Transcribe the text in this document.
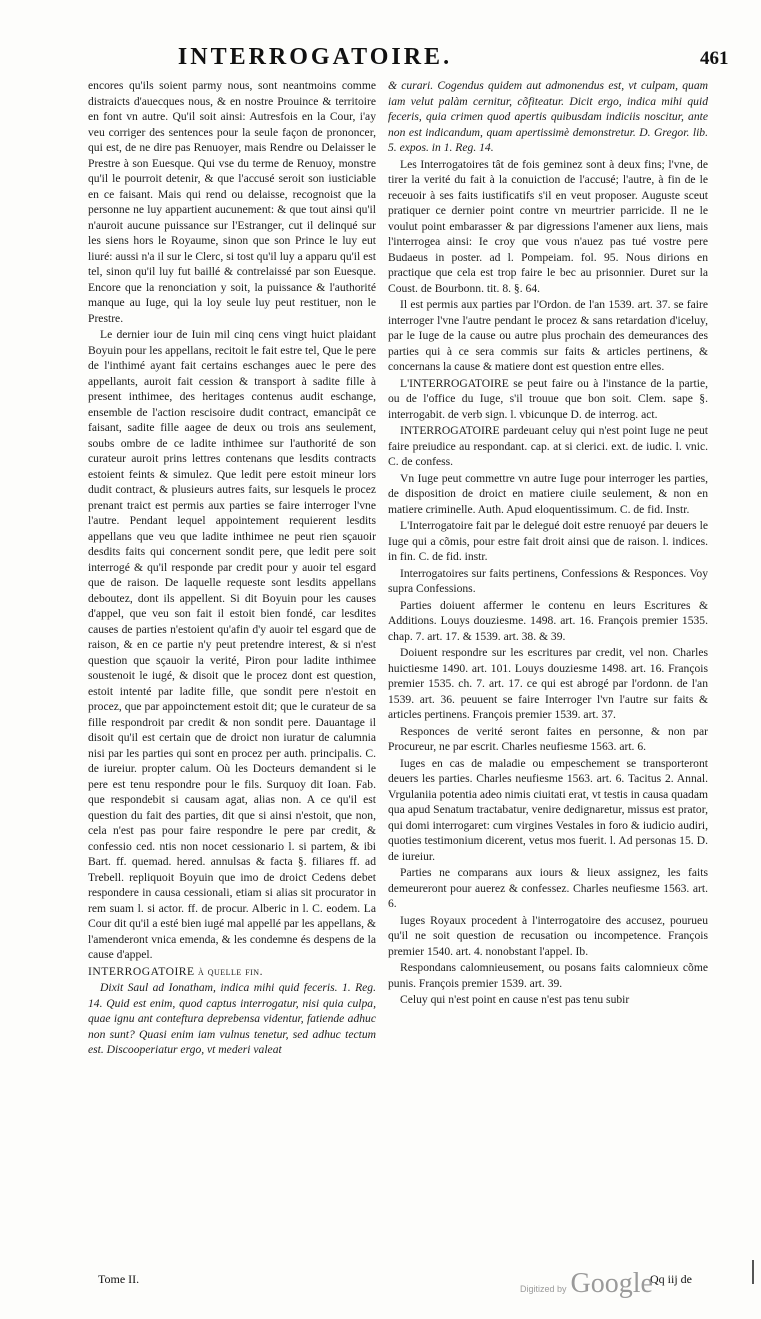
INTERROGATOIRE.	461

encores qu'ils soient parmy nous, sont neantmoins comme distraicts d'auecques nous, & en nostre Prouince & territoire en font vn autre. Qu'il soit ainsi: Autresfois en la Cour, i'ay veu corriger des sentences pour la seule façon de prononcer, qui est, de ne dire pas Renuoyer, mais Rendre ou Delaisser le Prestre à son Euesque. Qui vse du terme de Renuoy, monstre qu'il le pourroit detenir, & que l'accusé seroit son iusticiable en ce faisant. Mais qui rend ou delaisse, recognoist que la personne ne luy appartient aucunement: & que tout ainsi qu'il n'auroit aucune puissance sur l'Estranger, cut il delinqué sur les siens hors le Royaume, sinon que son Prince le luy eut liuré: aussi n'a il sur le Clerc, si tost qu'il luy a apparu qu'il est tel, sinon qu'il luy fut baillé & contrelaissé par son Euesque. Encore que la renonciation y soit, la puissance & l'authorité manque au Iuge, qui la loy seule luy peut restituer, non le Prestre.

Le dernier iour de Iuin mil cinq cens vingt huict plaidant Boyuin pour les appellans, recitoit le fait estre tel, Que le pere de l'inthimé ayant fait certains eschanges auec le pere des appellants, auroit fait cession & transport à sadite fille à present inthimee, des heritages contenus audit eschange, ensemble de l'action rescisoire dudit contract, emancipât ce faisant, sadite fille aagee de deux ou trois ans seulement, soubs ombre de ce ladite inthimee sur l'authorité de son curateur auroit prins lettres contenans que lesdits contracts estoient feints & simulez. Que ledit pere estoit mineur lors dudit contract, & plusieurs autres faits, sur lesquels le procez prenant traict est permis aux parties se faire interroger l'vne l'autre. Pendant lequel appointement requierent lesdits appellans que veu que ladite inthimee ne peut rien sçauoir desdits faits qui concernent sondit pere, que ledit pere soit interrogé & qu'il responde par credit pour y auoir tel esgard que de raison. De laquelle requeste sont lesdits appellans deboutez, dont ils appellent. Si dit Boyuin pour les causes d'appel, que veu son fait il estoit bien fondé, car lesdites causes de parties n'estoient qu'afin d'y auoir tel esgard que de raison, & en ce partie n'y peut pretendre interest, & si n'est question que sçauoir la verité, Piron pour ladite inthimee soustenoit le iugé, & disoit que le procez dont est question, estoit intenté par ladite fille, que sondit pere n'estoit en procez, que par appoinctement estoit dit; que le curateur de sa fille respondroit par credit & non sondit pere. Dauantage il disoit qu'il est certain que de droict non iuratur de calumnia nisi par les parties qui sont en procez per auth. principalis. C. de iureiur. propter calum. Où les Docteurs demandent si le pere est tenu respondre pour le fils. Surquoy dit Ioan. Fab. que respondebit si causam agat, alias non. A ce qu'il est question du fait des parties, dit que si ainsi n'estoit, que non, cela n'est pas pour faire respondre le pere par credit, & confessio ced. ntis non nocet cessionario l. si partem, & ibi Bart. ff. quemad. hered. annulsas & facta §. filiares ff. ad Trebell. repliquoit Boyuin que imo de droict Cedens debet respondere in causa cessionali, etiam si alias sit procurator in rem suam l. si actor. ff. de procur. Alberic in l. C. eodem. La Cour dit qu'il a esté bien iugé mal appellé par les appellans, & l'amenderont vnica emenda, & les condemne és despens de la cause d'appel.

INTERROGATOIRE à quelle fin.

Dixit Saul ad Ionatham, indica mihi quid feceris. 1. Reg. 14. Quid est enim, quod captus interrogatur, nisi quia culpa, quae ignu ant conteftura deprebensa videntur, fatiende adhuc non sunt? Quasi enim iam vulnus tenetur, sed adhuc tectum est. Discooperiatur ergo, vt mederi valeat

& curari. Cogendus quidem aut admonendus est, vt culpam, quam iam velut palàm cernitur, cõfiteatur. Dicit ergo, indica mihi quid feceris, quia crimen quod apertis quibusdam indiciis noscitur, ante non est indicandum, quam apertissimè demonstretur. D. Gregor. lib. 5. expos. in 1. Reg. 14.

Les Interrogatoires tât de fois geminez sont à deux fins; l'vne, de tirer la verité du fait à la conuiction de l'accusé; l'autre, à fin de le receuoir à ses faits iustificatifs s'il en veut proposer. Auguste sceut pratiquer ce dernier point contre vn meurtrier parricide. Il ne le voulut point embarasser & par digressions l'amener aux liens, mais l'interrogea ainsi: Ie croy que vous n'auez pas tué vostre pere Budaeus in poster. ad l. Pompeiam. fol. 95. Nous dirions en practique que cela est trop faire le bec au prisonnier. Duret sur la Coust. de Bourbonn. tit. 8. §. 64.

Il est permis aux parties par l'Ordon. de l'an 1539. art. 37. se faire interroger l'vne l'autre pendant le procez & sans retardation d'iceluy, par le Iuge de la cause ou autre plus prochain des demeurances des parties qui à ce sera commis sur faits & articles pertinens, & concernans la cause & matiere dont est question entre elles.

L'INTERROGATOIRE se peut faire ou à l'instance de la partie, ou de l'office du Iuge, s'il trouue que bon soit. Clem. sape §. interrogabit. de verb sign. l. vbicunque D. de interrog. act.

INTERROGATOIRE pardeuant celuy qui n'est point Iuge ne peut faire preiudice au respondant. cap. at si clerici. ext. de iudic. l. vnic. C. de confess.

Vn Iuge peut commettre vn autre Iuge pour interroger les parties, de disposition de droict en matiere ciuile seulement, & non en matiere criminelle. Auth. Apud eloquentissimum. C. de fid. Instr.

L'Interrogatoire fait par le delegué doit estre renuoyé par deuers le Iuge qui a cõmis, pour estre fait droit ainsi que de raison. l. indices. in fin. C. de fid. instr.

Interrogatoires sur faits pertinens, Confessions & Responces. Voy supra Confessions.

Parties doiuent affermer le contenu en leurs Escritures & Additions. Louys douziesme. 1498. art. 16. François premier 1535. chap. 7. art. 17. & 1539. art. 38. & 39.

Doiuent respondre sur les escritures par credit, vel non. Charles huictiesme 1490. art. 101. Louys douziesme 1498. art. 16. François premier 1535. ch. 7. art. 17. ce qui est abrogé par l'ordonn. de l'an 1539. art. 36. peuuent se faire Interroger l'vn l'autre sur faits & articles pertinens. François premier 1539. art. 37.

Responces de verité seront faites en personne, & non par Procureur, ne par escrit. Charles neufiesme 1563. art. 6.

Iuges en cas de maladie ou empeschement se transporteront deuers les parties. Charles neufiesme 1563. art. 6. Tacitus 2. Annal. Vrgulaniia potentia adeo nimis ciuitati erat, vt testis in causa quadam qua apud Senatum tractabatur, venire dedignaretur, missus est prator, qui domi interrogaret: cum virgines Vestales in foro & iudicio audiri, quoties testimonium dicerent, vetus mos fuerit. l. Ad personas 15. D. de iureiur.

Parties ne comparans aux iours & lieux assignez, les faits demeureront pour auerez & confessez. Charles neufiesme 1563. art. 6.

Iuges Royaux procedent à l'interrogatoire des accusez, pourueu qu'il ne soit question de recusation ou incompetence. François premier 1540. art. 4. nonobstant l'appel. Ib.

Respondans calomnieusement, ou posans faits calomnieux cõme punis. François premier 1539. art. 39.

Celuy qui n'est point en cause n'est pas tenu subir

Tome II.	Qq iij de
Digitized by Google
